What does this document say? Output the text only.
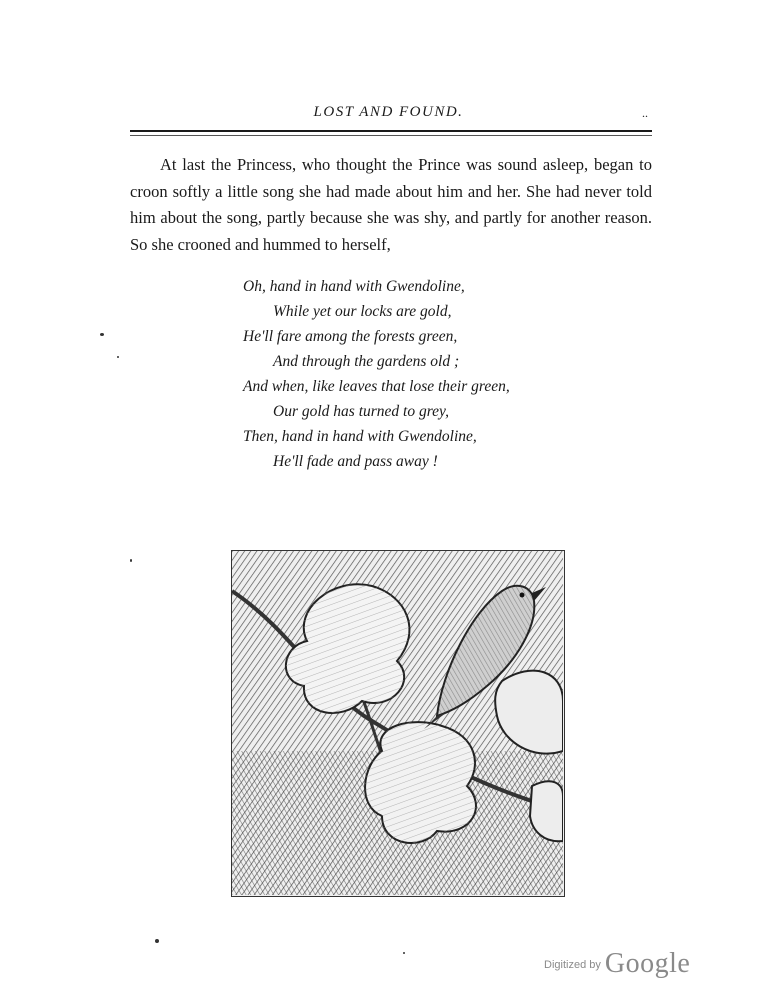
LOST AND FOUND.	..

At last the Princess, who thought the Prince was sound asleep, began to croon softly a little song she had made about him and her. She had never told him about the song, partly because she was shy, and partly for another reason. So she crooned and hummed to herself,

Oh, hand in hand with Gwendoline,
While yet our locks are gold,
He'll fare among the forests green,
And through the gardens old ;
And when, like leaves that lose their green,
Our gold has turned to grey,
Then, hand in hand with Gwendoline,
He'll fade and pass away !
$^{Digitized by}$ Google
